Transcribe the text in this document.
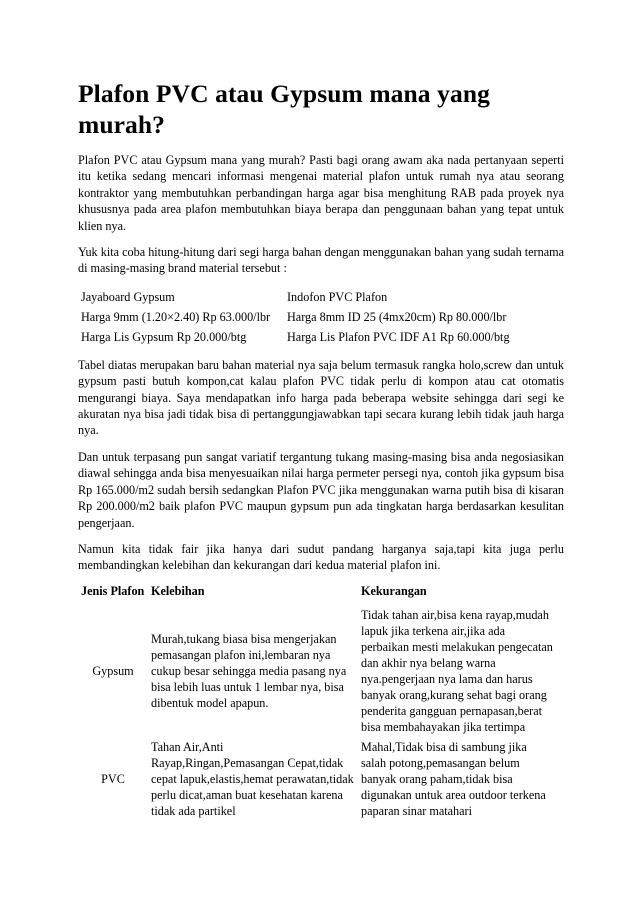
Plafon PVC atau Gypsum mana yang murah?

Plafon PVC atau Gypsum mana yang murah? Pasti bagi orang awam aka nada pertanyaan seperti itu ketika sedang mencari informasi mengenai material plafon untuk rumah nya atau seorang kontraktor yang membutuhkan perbandingan harga agar bisa menghitung RAB pada proyek nya khususnya pada area plafon membutuhkan biaya berapa dan penggunaan bahan yang tepat untuk klien nya.

Yuk kita coba hitung-hitung dari segi harga bahan dengan menggunakan bahan yang sudah ternama di masing-masing brand material tersebut :

Jayaboard Gypsum	Indofon PVC Plafon
Harga 9mm (1.20×2.40) Rp 63.000/lbr	Harga 8mm ID 25 (4mx20cm) Rp 80.000/lbr
Harga Lis Gypsum Rp 20.000/btg	Harga Lis Plafon PVC IDF A1 Rp 60.000/btg

Tabel diatas merupakan baru bahan material nya saja belum termasuk rangka holo,screw dan untuk gypsum pasti butuh kompon,cat kalau plafon PVC tidak perlu di kompon atau cat otomatis mengurangi biaya. Saya mendapatkan info harga pada beberapa website sehingga dari segi ke akuratan nya bisa jadi tidak bisa di pertanggungjawabkan tapi secara kurang lebih tidak jauh harga nya.

Dan untuk terpasang pun sangat variatif tergantung tukang masing-masing bisa anda negosiasikan diawal sehingga anda bisa menyesuaikan nilai harga permeter persegi nya, contoh jika gypsum bisa Rp 165.000/m2 sudah bersih sedangkan Plafon PVC jika menggunakan warna putih bisa di kisaran Rp 200.000/m2 baik plafon PVC maupun gypsum pun ada tingkatan harga berdasarkan kesulitan pengerjaan.

Namun kita tidak fair jika hanya dari sudut pandang harganya saja,tapi kita juga perlu membandingkan kelebihan dan kekurangan dari kedua material plafon ini.

Jenis Plafon	Kelebihan	Kekurangan
Gypsum	Murah,tukang biasa bisa mengerjakan pemasangan plafon ini,lembaran nya cukup besar sehingga media pasang nya bisa lebih luas untuk 1 lembar nya, bisa dibentuk model apapun.	Tidak tahan air,bisa kena rayap,mudah lapuk jika terkena air,jika ada perbaikan mesti melakukan pengecatan dan akhir nya belang warna nya.pengerjaan nya lama dan harus banyak orang,kurang sehat bagi orang penderita gangguan pernapasan,berat bisa membahayakan jika tertimpa
PVC	Tahan Air,Anti Rayap,Ringan,Pemasangan Cepat,tidak cepat lapuk,elastis,hemat perawatan,tidak perlu dicat,aman buat kesehatan karena tidak ada partikel	Mahal,Tidak bisa di sambung jika salah potong,pemasangan belum banyak orang paham,tidak bisa digunakan untuk area outdoor terkena paparan sinar matahari
